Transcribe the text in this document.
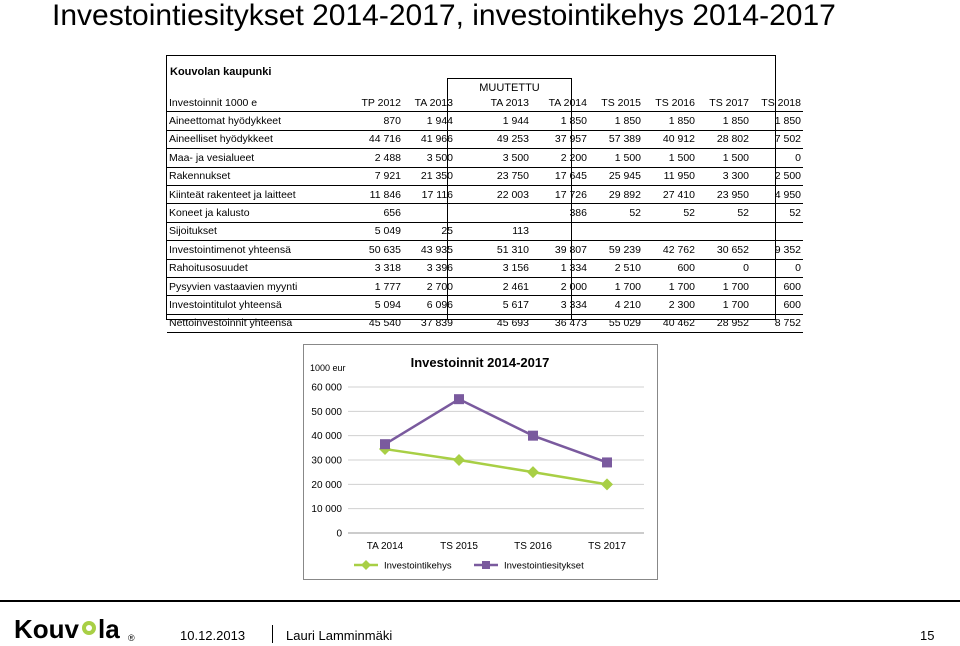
Investointiesitykset 2014-2017, investointikehys 2014-2017
Kouvolan kaupunki
MUUTETTU
Investoinnit 1000 e	TP 2012	TA 2013	TA 2013	TA 2014	TS 2015	TS 2016	TS 2017	TS 2018
Aineettomat hyödykkeet	870	1 944	1 944	1 850	1 850	1 850	1 850	1 850
Aineelliset hyödykkeet	44 716	41 966	49 253	37 957	57 389	40 912	28 802	7 502
Maa- ja vesialueet	2 488	3 500	3 500	2 200	1 500	1 500	1 500	0
Rakennukset	7 921	21 350	23 750	17 645	25 945	11 950	3 300	2 500
Kiinteät rakenteet ja laitteet	11 846	17 116	22 003	17 726	29 892	27 410	23 950	4 950
Koneet ja kalusto	656			386	52	52	52	52
Sijoitukset	5 049	25	113					
Investointimenot yhteensä	50 635	43 935	51 310	39 807	59 239	42 762	30 652	9 352
Rahoitusosuudet	3 318	3 396	3 156	1 334	2 510	600	0	0
Pysyvien vastaavien myynti	1 777	2 700	2 461	2 000	1 700	1 700	1 700	600
Investointitulot yhteensä	5 094	6 096	5 617	3 334	4 210	2 300	1 700	600
Nettoinvestoinnit yhteensä	45 540	37 839	45 693	36 473	55 029	40 462	28 952	8 752
Investoinnit 2014-2017
1000 eur
0
10 000
20 000
30 000
40 000
50 000
60 000
TA 2014	TS 2015	TS 2016	TS 2017
Investointikehys	Investointiesitykset
Kouv la ®	10.12.2013	Lauri Lamminmäki	15
